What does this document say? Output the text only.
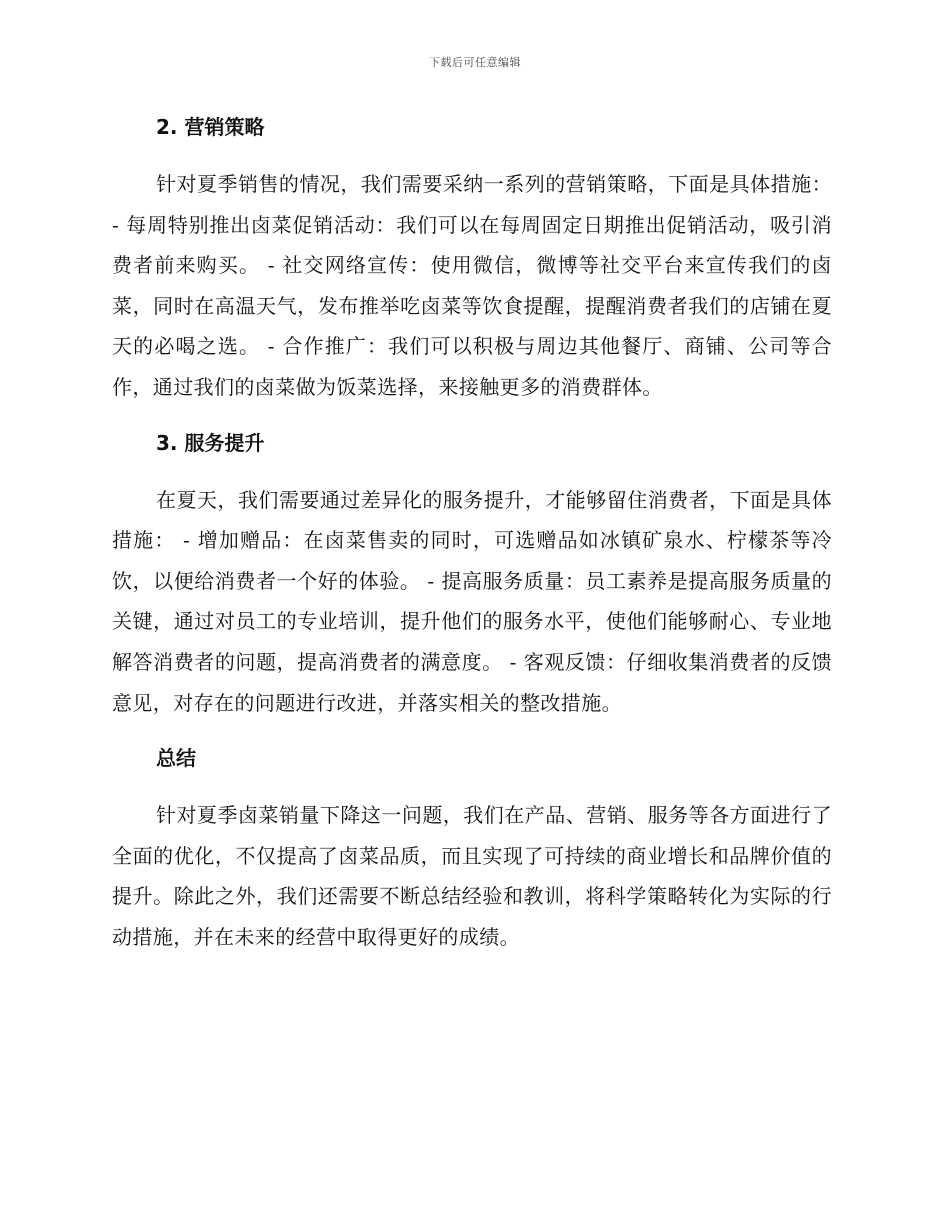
下载后可任意编辑
2. 营销策略

针对夏季销售的情况，我们需要采纳一系列的营销策略，下面是具体措施： - 每周特别推出卤菜促销活动：我们可以在每周固定日期推出促销活动，吸引消费者前来购买。 - 社交网络宣传：使用微信，微博等社交平台来宣传我们的卤菜，同时在高温天气，发布推举吃卤菜等饮食提醒，提醒消费者我们的店铺在夏天的必喝之选。 - 合作推广：我们可以积极与周边其他餐厅、商铺、公司等合作，通过我们的卤菜做为饭菜选择，来接触更多的消费群体。

3. 服务提升

在夏天，我们需要通过差异化的服务提升，才能够留住消费者，下面是具体措施： - 增加赠品：在卤菜售卖的同时，可选赠品如冰镇矿泉水、柠檬茶等冷饮，以便给消费者一个好的体验。 - 提高服务质量：员工素养是提高服务质量的关键，通过对员工的专业培训，提升他们的服务水平，使他们能够耐心、专业地解答消费者的问题，提高消费者的满意度。 - 客观反馈：仔细收集消费者的反馈意见，对存在的问题进行改进，并落实相关的整改措施。

总结

针对夏季卤菜销量下降这一问题，我们在产品、营销、服务等各方面进行了全面的优化，不仅提高了卤菜品质，而且实现了可持续的商业增长和品牌价值的提升。除此之外，我们还需要不断总结经验和教训，将科学策略转化为实际的行动措施，并在未来的经营中取得更好的成绩。
